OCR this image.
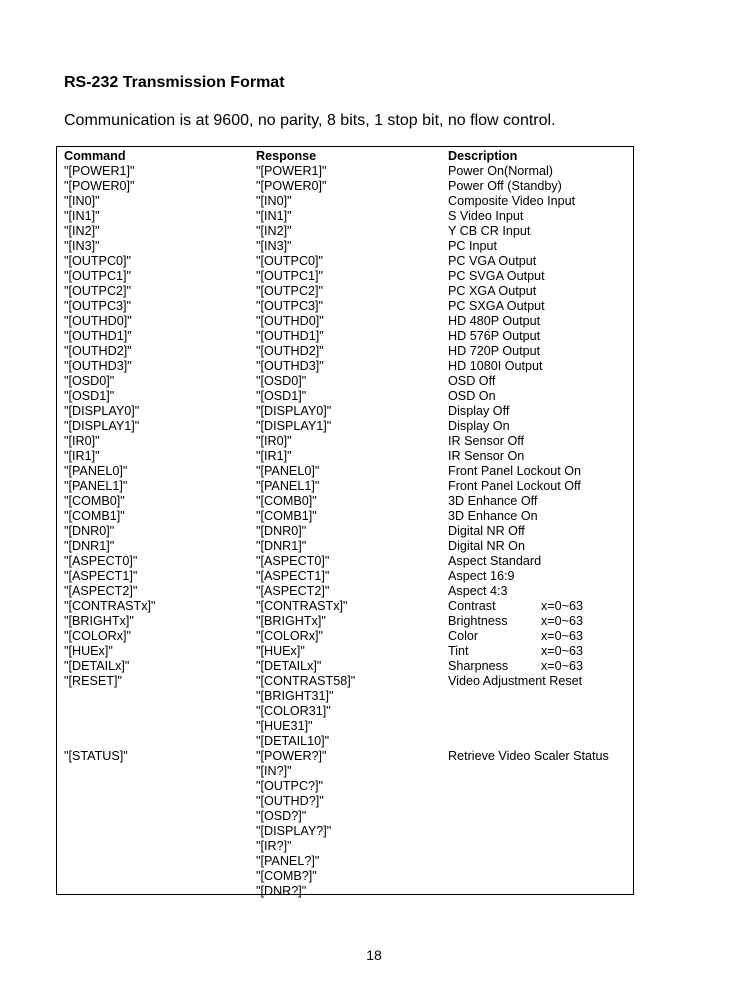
RS-232 Transmission Format
Communication is at 9600, no parity, 8 bits, 1 stop bit, no flow control.
Command	Response	Description
"[POWER1]"	"[POWER1]"	Power On(Normal)
"[POWER0]"	"[POWER0]"	Power Off (Standby)
"[IN0]"	"[IN0]"	Composite Video Input
"[IN1]"	"[IN1]"	S Video Input
"[IN2]"	"[IN2]"	Y CB CR Input
"[IN3]"	"[IN3]"	PC Input
"[OUTPC0]"	"[OUTPC0]"	PC VGA Output
"[OUTPC1]"	"[OUTPC1]"	PC SVGA Output
"[OUTPC2]"	"[OUTPC2]"	PC XGA Output
"[OUTPC3]"	"[OUTPC3]"	PC SXGA Output
"[OUTHD0]"	"[OUTHD0]"	HD 480P Output
"[OUTHD1]"	"[OUTHD1]"	HD 576P Output
"[OUTHD2]"	"[OUTHD2]"	HD 720P Output
"[OUTHD3]"	"[OUTHD3]"	HD 1080I Output
"[OSD0]"	"[OSD0]"	OSD Off
"[OSD1]"	"[OSD1]"	OSD On
"[DISPLAY0]"	"[DISPLAY0]"	Display Off
"[DISPLAY1]"	"[DISPLAY1]"	Display On
"[IR0]"	"[IR0]"	IR Sensor Off
"[IR1]"	"[IR1]"	IR Sensor On
"[PANEL0]"	"[PANEL0]"	Front Panel Lockout On
"[PANEL1]"	"[PANEL1]"	Front Panel Lockout Off
"[COMB0]"	"[COMB0]"	3D Enhance Off
"[COMB1]"	"[COMB1]"	3D Enhance On
"[DNR0]"	"[DNR0]"	Digital NR Off
"[DNR1]"	"[DNR1]"	Digital NR On
"[ASPECT0]"	"[ASPECT0]"	Aspect Standard
"[ASPECT1]"	"[ASPECT1]"	Aspect 16:9
"[ASPECT2]"	"[ASPECT2]"	Aspect 4:3
"[CONTRASTx]"	"[CONTRASTx]"	Contrast	x=0~63
"[BRIGHTx]"	"[BRIGHTx]"	Brightness	x=0~63
"[COLORx]"	"[COLORx]"	Color	x=0~63
"[HUEx]"	"[HUEx]"	Tint	x=0~63
"[DETAILx]"	"[DETAILx]"	Sharpness	x=0~63
"[RESET]"	"[CONTRAST58]"	Video Adjustment Reset
"[BRIGHT31]"
"[COLOR31]"
"[HUE31]"
"[DETAIL10]"
"[STATUS]"	"[POWER?]"	Retrieve Video Scaler Status
"[IN?]"
"[OUTPC?]"
"[OUTHD?]"
"[OSD?]"
"[DISPLAY?]"
"[IR?]"
"[PANEL?]"
"[COMB?]"
"[DNR?]"
18
